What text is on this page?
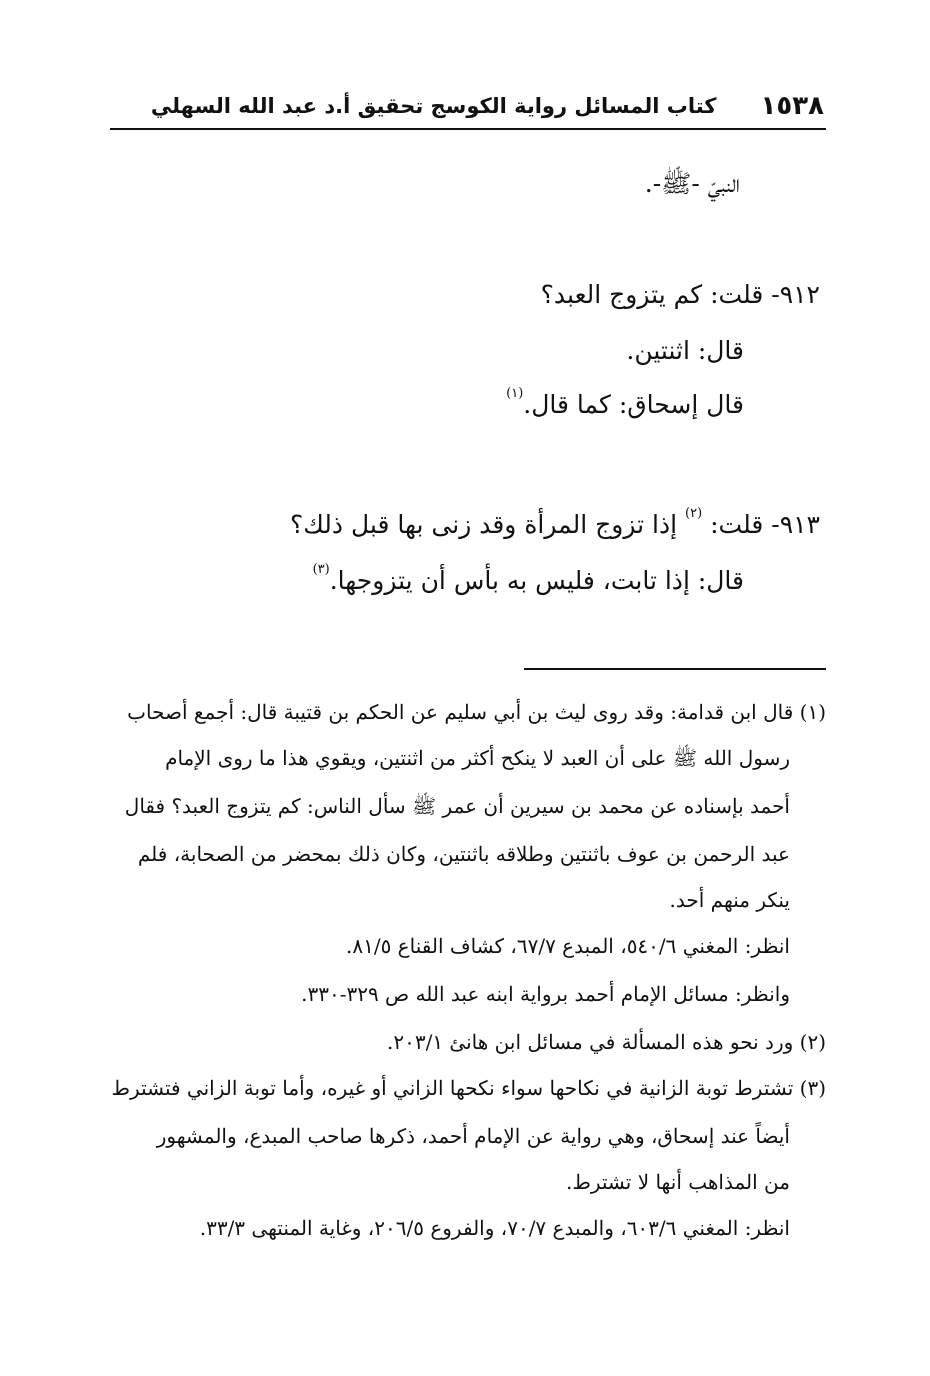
١٥٣٨
كتاب المسائل رواية الكوسج تحقيق أ.د عبد الله السهلي
النبيّ -ﷺ-.
٩١٢- قلت: كم يتزوج العبد؟
قال: اثنتين.
قال إسحاق: كما قال.$^{(١)}$
٩١٣- قلت: $^{(٢)}$ إذا تزوج المرأة وقد زنى بها قبل ذلك؟
قال: إذا تابت، فليس به بأس أن يتزوجها.$^{(٣)}$
(١) قال ابن قدامة: وقد روى ليث بن أبي سليم عن الحكم بن قتيبة قال: أجمع أصحاب
رسول الله ﷺ على أن العبد لا ينكح أكثر من اثنتين، ويقوي هذا ما روى الإمام
أحمد بإسناده عن محمد بن سيرين أن عمر ﷺ سأل الناس: كم يتزوج العبد؟ فقال
عبد الرحمن بن عوف باثنتين وطلاقه باثنتين، وكان ذلك بمحضر من الصحابة، فلم
ينكر منهم أحد.
انظر: المغني ٥٤٠/٦، المبدع ٦٧/٧، كشاف القناع ٨١/٥.
وانظر: مسائل الإمام أحمد برواية ابنه عبد الله ص ٣٢٩-٣٣٠.
(٢) ورد نحو هذه المسألة في مسائل ابن هانئ ٢٠٣/١.
(٣) تشترط توبة الزانية في نكاحها سواء نكحها الزاني أو غيره، وأما توبة الزاني فتشترط
أيضاً عند إسحاق، وهي رواية عن الإمام أحمد، ذكرها صاحب المبدع، والمشهور
من المذاهب أنها لا تشترط.
انظر: المغني ٦٠٣/٦، والمبدع ٧٠/٧، والفروع ٢٠٦/٥، وغاية المنتهى ٣٣/٣.
